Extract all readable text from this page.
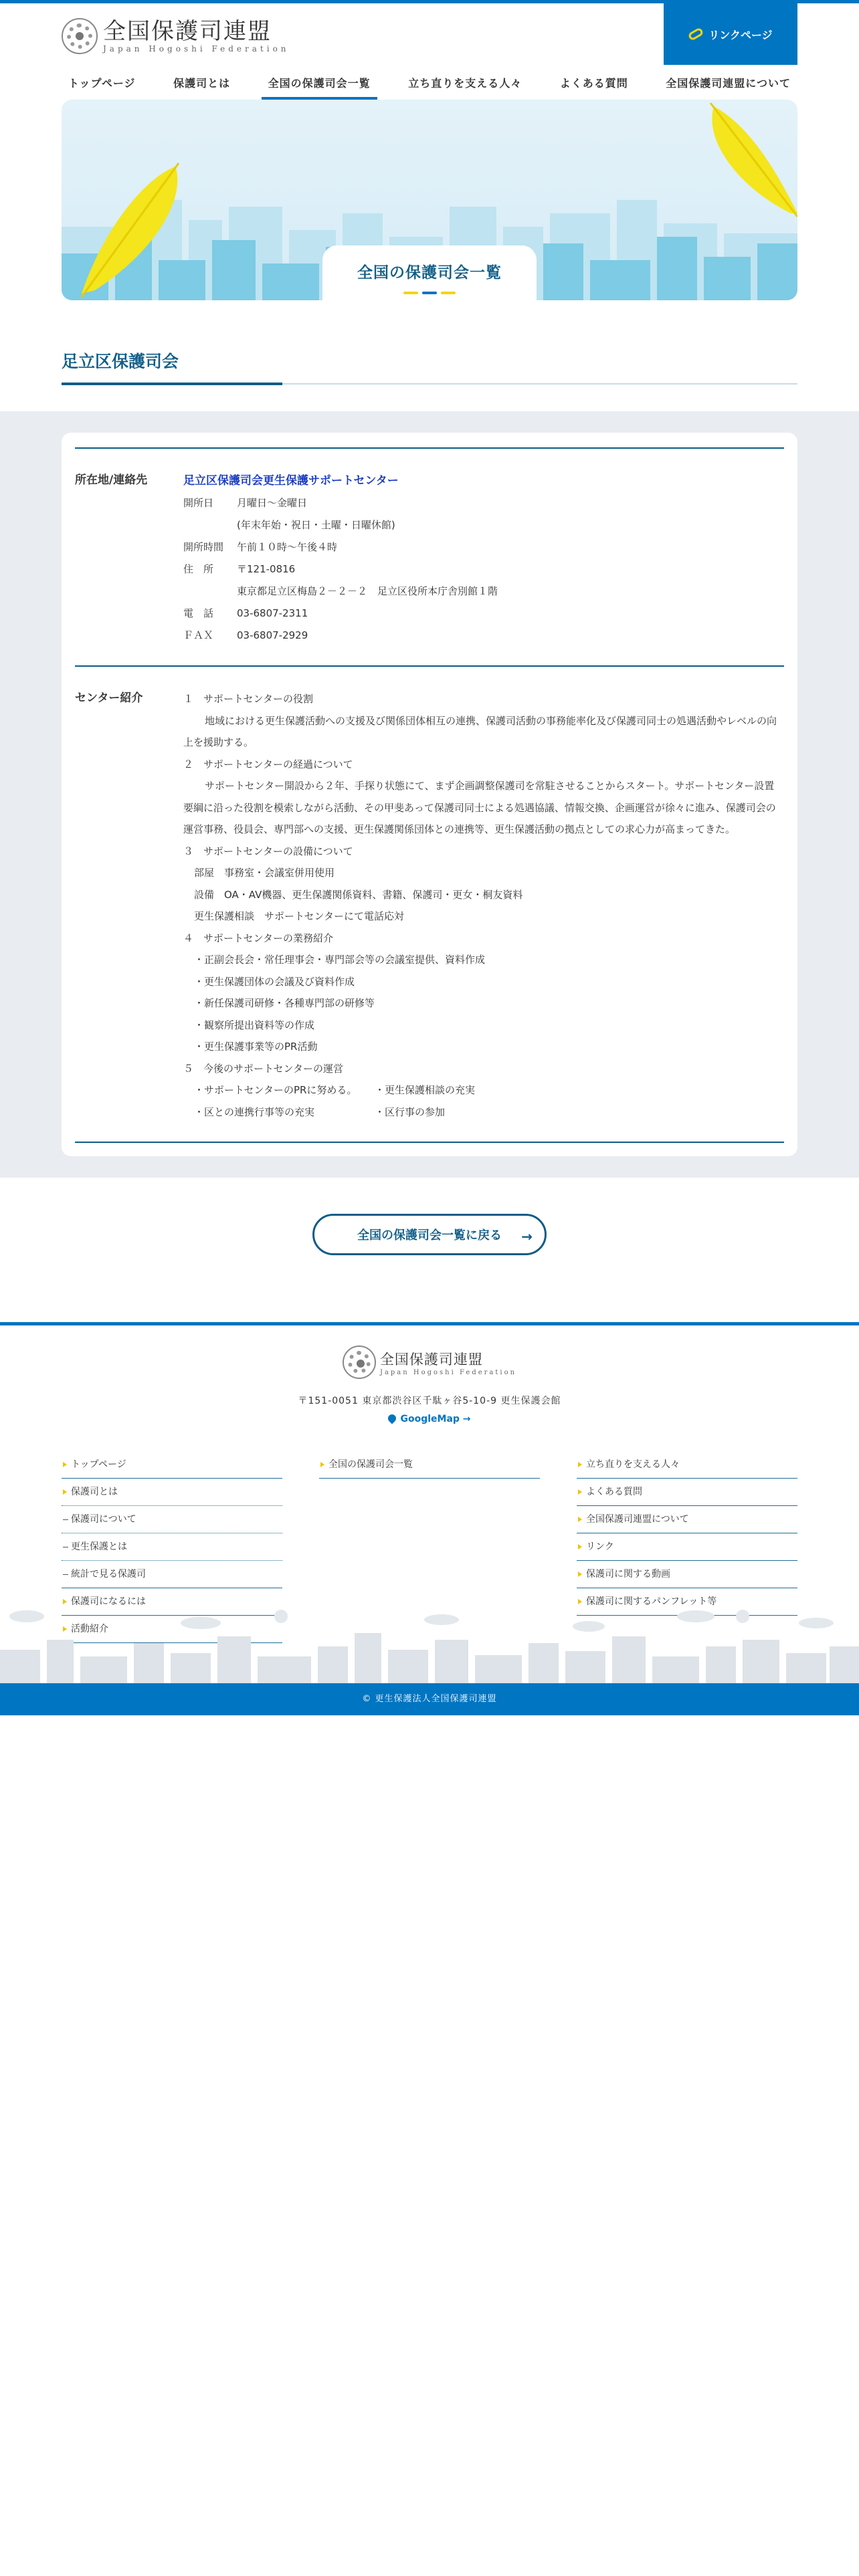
全国保護司連盟
Japan Hogoshi Federation
リンクページ
トップページ	保護司とは	全国の保護司会一覧	立ち直りを支える人々	よくある質問	全国保護司連盟について
全国の保護司会一覧
足立区保護司会
所在地/連絡先	足立区保護司会更生保護サポートセンター
開所日	月曜日～金曜日
(年末年始・祝日・土曜・日曜休館)
開所時間	午前１０時～午後４時
住　所	〒121-0816
東京都足立区梅島２－２－２　足立区役所本庁舎別館１階
電　話	03-6807-2311
ＦＡＸ	03-6807-2929
センター紹介	１　サポートセンターの役割

地域における更生保護活動への支援及び関係団体相互の連携、保護司活動の事務能率化及び保護司同士の処遇活動やレベルの向上を援助する。

２　サポートセンターの経過について

サポートセンター開設から２年、手探り状態にて、まず企画調整保護司を常駐させることからスタート。サポートセンター設置要綱に沿った役割を模索しながら活動、その甲斐あって保護司同士による処遇協議、情報交換、企画運営が徐々に進み、保護司会の運営事務、役員会、専門部への支援、更生保護関係団体との連携等、更生保護活動の拠点としての求心力が高まってきた。

３　サポートセンターの設備について

部屋　事務室・会議室併用使用

設備　OA・AV機器、更生保護関係資料、書籍、保護司・更女・桐友資料

更生保護相談　サポートセンターにて電話応対

４　サポートセンターの業務紹介

・正副会長会・常任理事会・専門部会等の会議室提供、資料作成

・更生保護団体の会議及び資料作成

・新任保護司研修・各種専門部の研修等

・観察所提出資料等の作成

・更生保護事業等のPR活動

５　今後のサポートセンターの運営

・サポートセンターのPRに努める。 ・更生保護相談の充実

・区との連携行事等の充実	・区行事の参加

全国の保護司会一覧に戻る →
全国保護司連盟
Japan Hogoshi Federation
〒151-0051 東京都渋谷区千駄ヶ谷5-10-9 更生保護会館
GoogleMap →
トップページ
保護司とは
保護司について
更生保護とは
統計で見る保護司
保護司になるには
活動紹介
全国の保護司会一覧	立ち直りを支える人々
よくある質問
全国保護司連盟について
リンク
保護司に関する動画
保護司に関するパンフレット等
© 更生保護法人全国保護司連盟
